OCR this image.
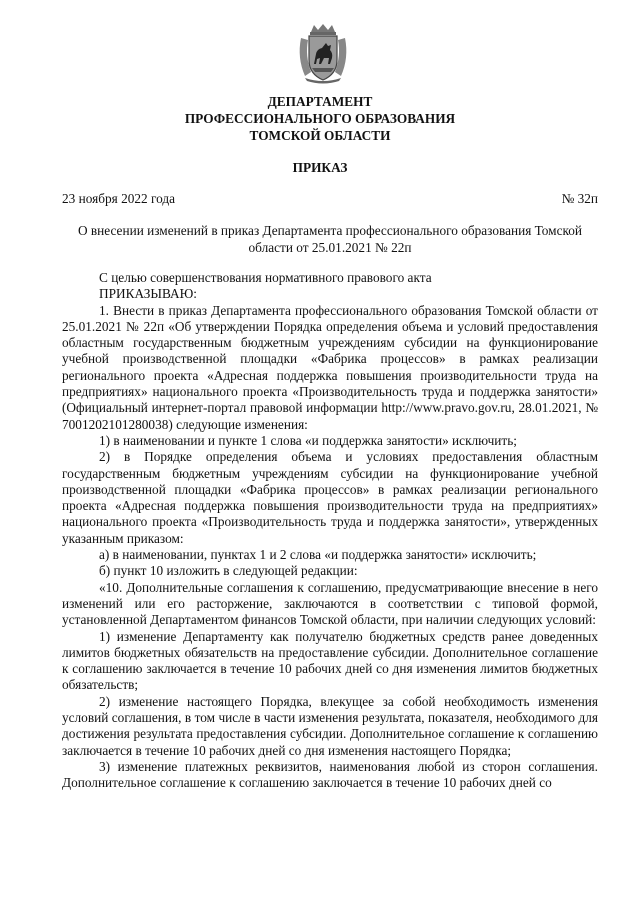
ДЕПАРТАМЕНТ
ПРОФЕССИОНАЛЬНОГО ОБРАЗОВАНИЯ
ТОМСКОЙ ОБЛАСТИ
ПРИКАЗ
23 ноября 2022 года	№ 32п
О внесении изменений в приказ Департамента профессионального образования Томской области от 25.01.2021 № 22п

С целью совершенствования нормативного правового акта

ПРИКАЗЫВАЮ:

1. Внести в приказ Департамента профессионального образования Томской области от 25.01.2021 № 22п «Об утверждении Порядка определения объема и условий предоставления областным государственным бюджетным учреждениям субсидии на функционирование учебной производственной площадки «Фабрика процессов» в рамках реализации регионального проекта «Адресная поддержка повышения производительности труда на предприятиях» национального проекта «Производительность труда и поддержка занятости» (Официальный интернет-портал правовой информации http://www.pravo.gov.ru, 28.01.2021, № 7001202101280038) следующие изменения:

1) в наименовании и пункте 1 слова «и поддержка занятости» исключить;

2) в Порядке определения объема и условиях предоставления областным государственным бюджетным учреждениям субсидии на функционирование учебной производственной площадки «Фабрика процессов» в рамках реализации регионального проекта «Адресная поддержка повышения производительности труда на предприятиях» национального проекта «Производительность труда и поддержка занятости», утвержденных указанным приказом:

а) в наименовании, пунктах 1 и 2 слова «и поддержка занятости» исключить;

б) пункт 10 изложить в следующей редакции:

«10. Дополнительные соглашения к соглашению, предусматривающие внесение в него изменений или его расторжение, заключаются в соответствии с типовой формой, установленной Департаментом финансов Томской области, при наличии следующих условий:

1) изменение Департаменту как получателю бюджетных средств ранее доведенных лимитов бюджетных обязательств на предоставление субсидии. Дополнительное соглашение к соглашению заключается в течение 10 рабочих дней со дня изменения лимитов бюджетных обязательств;

2) изменение настоящего Порядка, влекущее за собой необходимость изменения условий соглашения, в том числе в части изменения результата, показателя, необходимого для достижения результата предоставления субсидии. Дополнительное соглашение к соглашению заключается в течение 10 рабочих дней со дня изменения настоящего Порядка;

3) изменение платежных реквизитов, наименования любой из сторон соглашения. Дополнительное соглашение к соглашению заключается в течение 10 рабочих дней со
